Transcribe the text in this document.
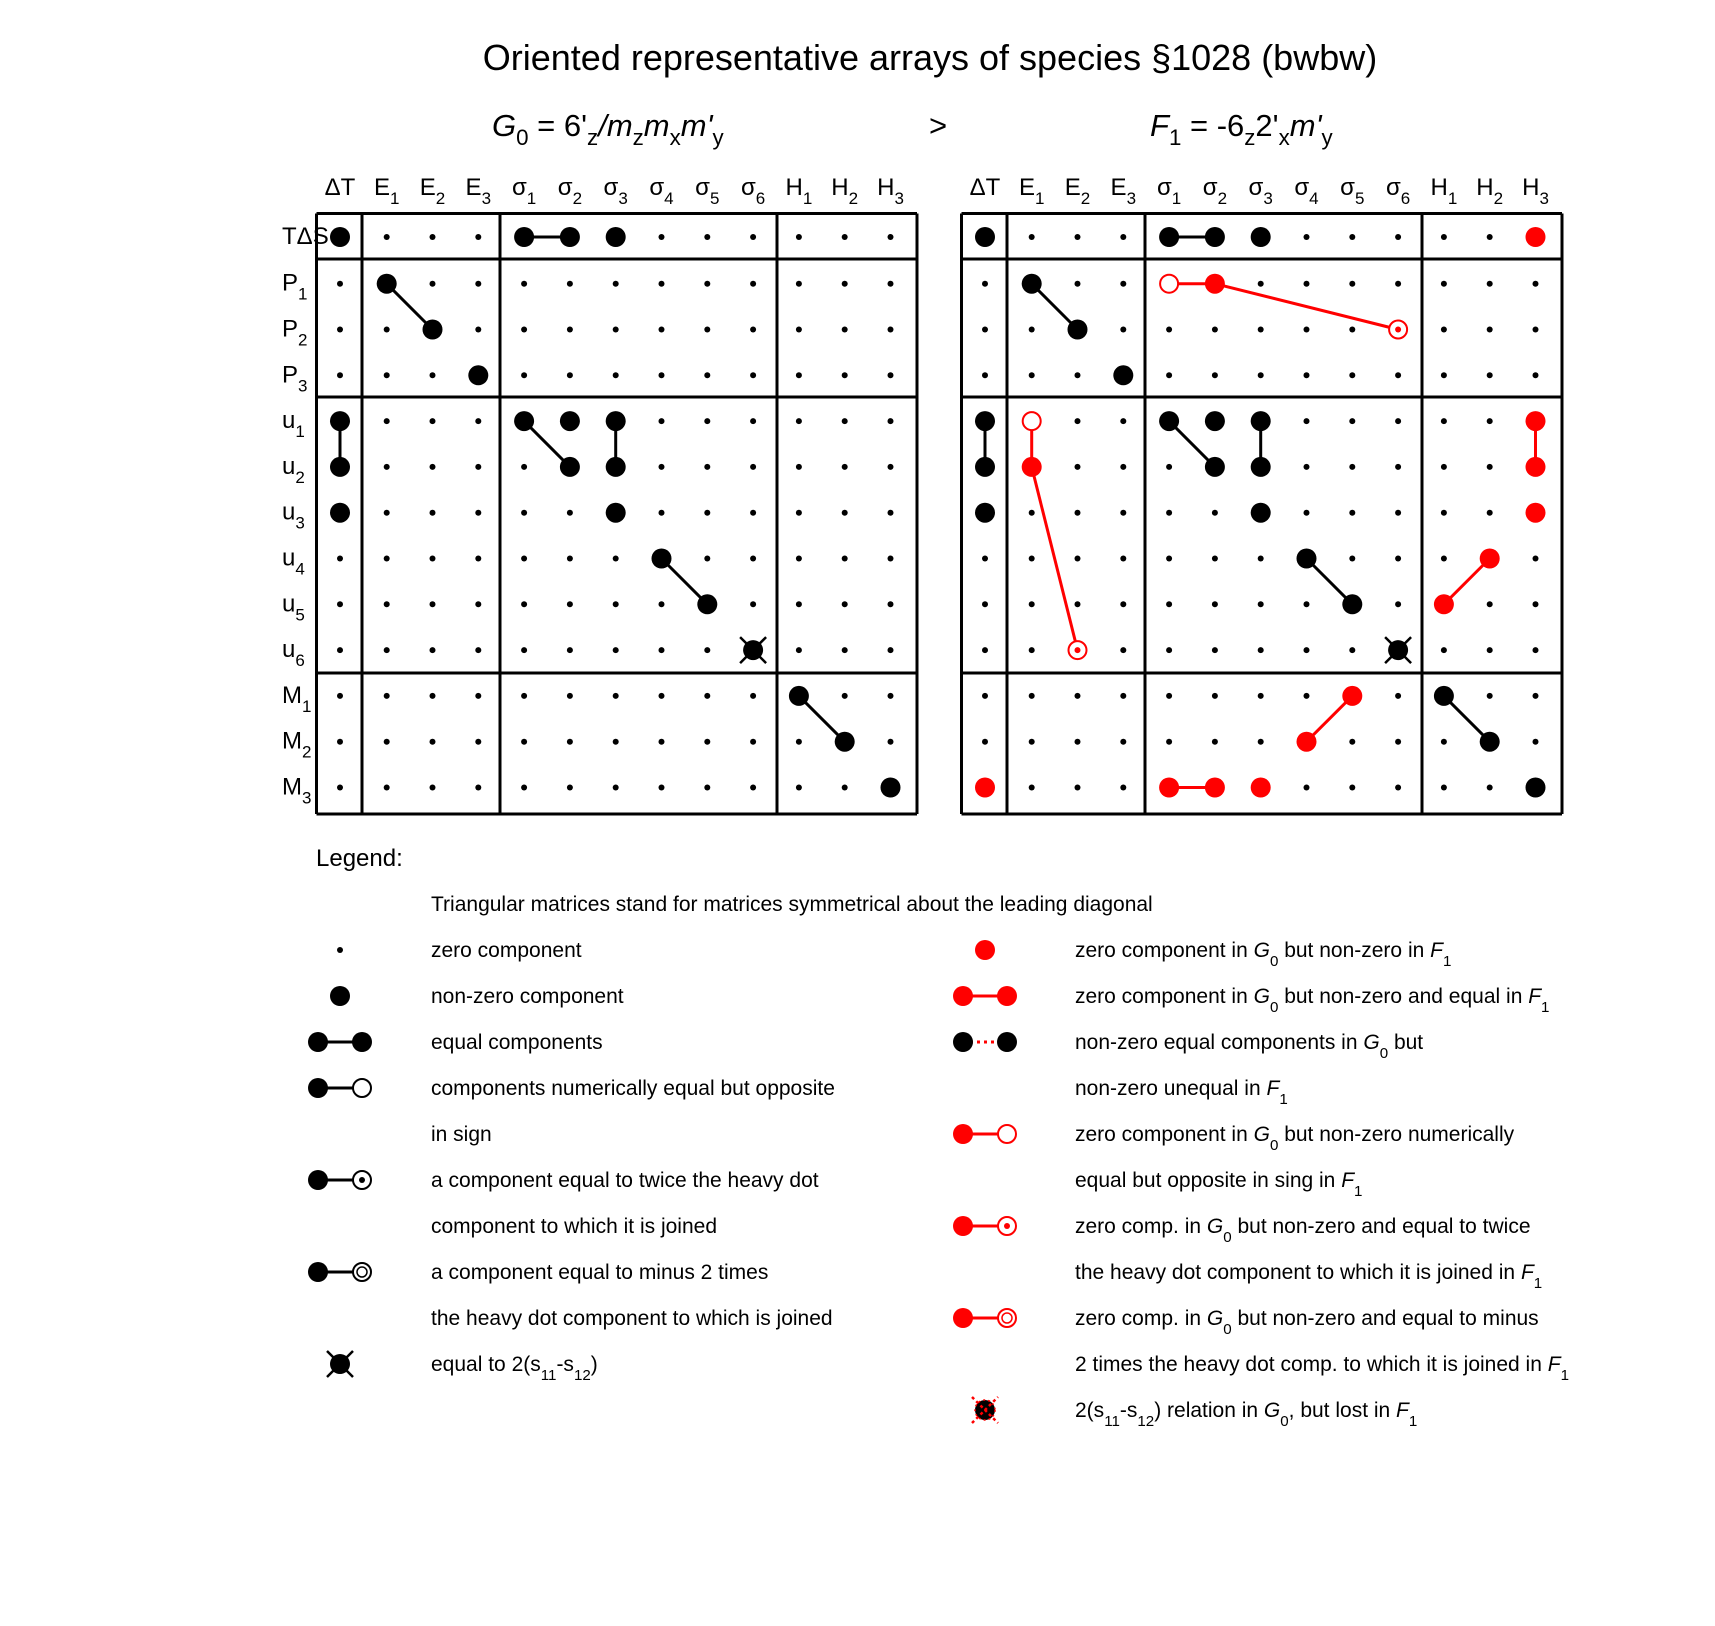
Oriented representative arrays of species §1028 (bwbw)
$G_0 = 6'_z/m_zm_xm'_y$	>	$F_1 = -6_z2'_xm'_y$
ΔT $E_1$ $E_2$ $E_3$ $\sigma_1$ $\sigma_2$ $\sigma_3$ $\sigma_4$ $\sigma_5$ $\sigma_6$ $H_1$ $H_2$ $H_3$
TΔS
$P_1$
$P_2$
$P_3$
$u_1$
$u_2$
$u_3$
$u_4$
$u_5$
$u_6$
$M_1$
$M_2$
$M_3$
ΔT $E_1$ $E_2$ $E_3$ $\sigma_1$ $\sigma_2$ $\sigma_3$ $\sigma_4$ $\sigma_5$ $\sigma_6$ $H_1$ $H_2$ $H_3$
Legend:
Triangular matrices stand for matrices symmetrical about the leading diagonal
zero component
non-zero component
equal components
components numerically equal but opposite
in sign
a component equal to twice the heavy dot
component to which it is joined
a component equal to minus 2 times
the heavy dot component to which is joined
equal to $2(s_{11}-s_{12})$
zero component in $G_0$ but non-zero in $F_1$
zero component in $G_0$ but non-zero and equal in $F_1$
non-zero equal components in $G_0$ but
non-zero unequal in $F_1$
zero component in $G_0$ but non-zero numerically
equal but opposite in sing in $F_1$
zero comp. in $G_0$ but non-zero and equal to twice
the heavy dot component to which it is joined in $F_1$
zero comp. in $G_0$ but non-zero and equal to minus
2 times the heavy dot comp. to which it is joined in $F_1$
$2(s_{11}-s_{12})$ relation in $G_0$, but lost in $F_1$
